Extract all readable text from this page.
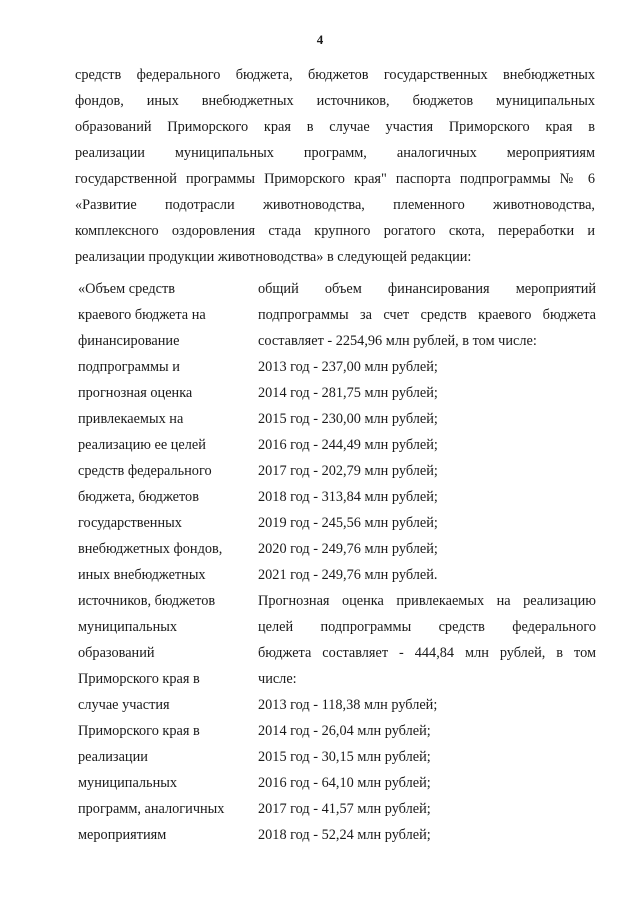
4
средств федерального бюджета, бюджетов государственных внебюджетных
фондов, иных внебюджетных источников, бюджетов муниципальных
образований Приморского края в случае участия Приморского края в
реализации муниципальных программ, аналогичных мероприятиям
государственной программы Приморского края" паспорта подпрограммы № 6
«Развитие подотрасли животноводства, племенного животноводства,
комплексного оздоровления стада крупного рогатого скота, переработки и
реализации продукции животноводства» в следующей редакции:
«Объем средств
краевого бюджета на
финансирование
подпрограммы и
прогнозная оценка
привлекаемых на
реализацию ее целей
средств федерального
бюджета, бюджетов
государственных
внебюджетных фондов,
иных внебюджетных
источников, бюджетов
муниципальных
образований
Приморского края в
случае участия
Приморского края в
реализации
муниципальных
программ, аналогичных
мероприятиям
общий объем финансирования мероприятий
подпрограммы за счет средств краевого бюджета
составляет - 2254,96 млн рублей, в том числе:
2013 год - 237,00 млн рублей;
2014 год - 281,75 млн рублей;
2015 год - 230,00 млн рублей;
2016 год - 244,49 млн рублей;
2017 год - 202,79 млн рублей;
2018 год - 313,84 млн рублей;
2019 год - 245,56 млн рублей;
2020 год - 249,76 млн рублей;
2021 год - 249,76 млн рублей.
Прогнозная оценка привлекаемых на реализацию
целей подпрограммы средств федерального
бюджета составляет - 444,84 млн рублей, в том
числе:
2013 год - 118,38 млн рублей;
2014 год - 26,04 млн рублей;
2015 год - 30,15 млн рублей;
2016 год - 64,10 млн рублей;
2017 год - 41,57 млн рублей;
2018 год - 52,24 млн рублей;
